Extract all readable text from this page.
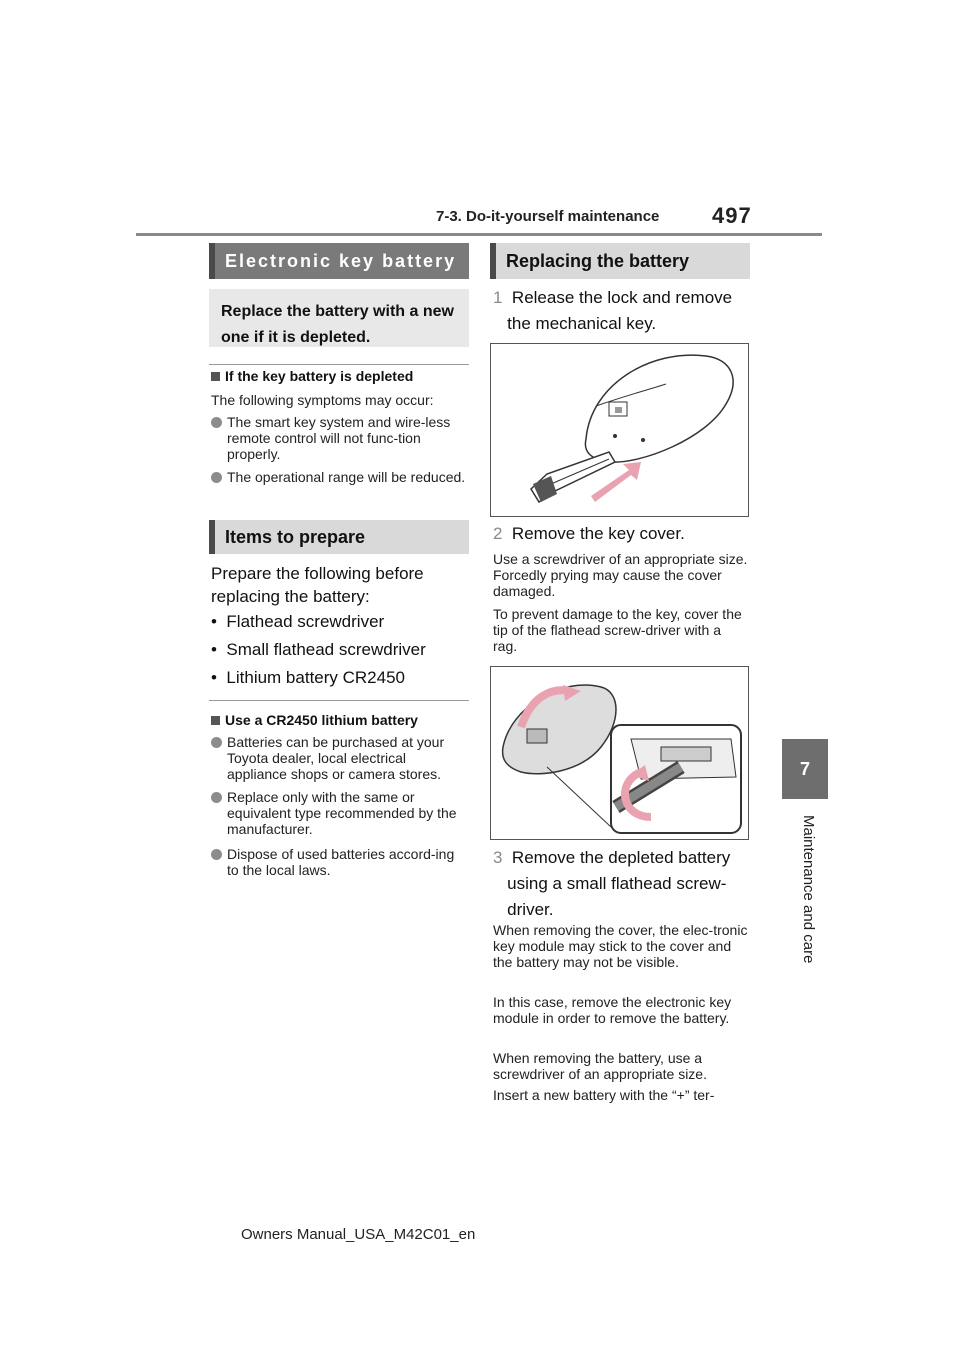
7-3. Do-it-yourself maintenance 497
7
Maintenance and care
Electronic key battery
Replace the battery with a new one if it is depleted.
If the key battery is depleted
The following symptoms may occur:
The smart key system and wire-less remote control will not func-tion properly.
The operational range will be reduced.
Items to prepare
Prepare the following before
replacing the battery:
•  Flathead screwdriver
•  Small flathead screwdriver
•  Lithium battery CR2450
Use a CR2450 lithium battery
Batteries can be purchased at your Toyota dealer, local electrical appliance shops or camera stores.
Replace only with the same or equivalent type recommended by the manufacturer.
Dispose of used batteries accord-ing to the local laws.
Replacing the battery
1 Release the lock and remove
the mechanical key.
2 Remove the key cover.
Use a screwdriver of an appropriate size. Forcedly prying may cause the cover damaged.
To prevent damage to the key, cover the tip of the flathead screw-driver with a rag.
3 Remove the depleted battery
using a small flathead screw-
driver.
When removing the cover, the elec-tronic key module may stick to the cover and the battery may not be visible.
In this case, remove the electronic key module in order to remove the battery.
When removing the battery, use a screwdriver of an appropriate size.
Insert a new battery with the “+” ter-
Owners Manual_USA_M42C01_en
